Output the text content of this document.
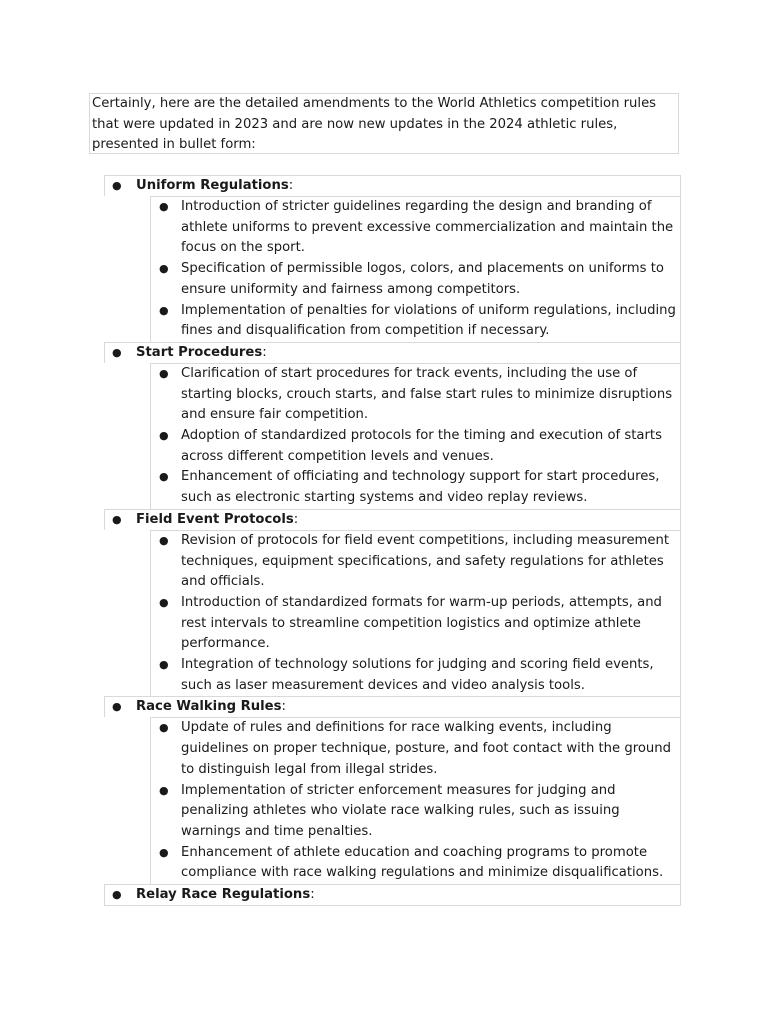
Certainly, here are the detailed amendments to the World Athletics competition rules that were updated in 2023 and are now new updates in the 2024 athletic rules, presented in bullet form:
● Uniform Regulations:
● Introduction of stricter guidelines regarding the design and branding of athlete uniforms to prevent excessive commercialization and maintain the focus on the sport.
● Specification of permissible logos, colors, and placements on uniforms to ensure uniformity and fairness among competitors.
● Implementation of penalties for violations of uniform regulations, including fines and disqualification from competition if necessary.
● Start Procedures:
● Clarification of start procedures for track events, including the use of starting blocks, crouch starts, and false start rules to minimize disruptions and ensure fair competition.
● Adoption of standardized protocols for the timing and execution of starts across different competition levels and venues.
● Enhancement of officiating and technology support for start procedures, such as electronic starting systems and video replay reviews.
● Field Event Protocols:
● Revision of protocols for field event competitions, including measurement techniques, equipment specifications, and safety regulations for athletes and officials.
● Introduction of standardized formats for warm-up periods, attempts, and rest intervals to streamline competition logistics and optimize athlete performance.
● Integration of technology solutions for judging and scoring field events, such as laser measurement devices and video analysis tools.
● Race Walking Rules:
● Update of rules and definitions for race walking events, including guidelines on proper technique, posture, and foot contact with the ground to distinguish legal from illegal strides.
● Implementation of stricter enforcement measures for judging and penalizing athletes who violate race walking rules, such as issuing warnings and time penalties.
● Enhancement of athlete education and coaching programs to promote compliance with race walking regulations and minimize disqualifications.
● Relay Race Regulations:
